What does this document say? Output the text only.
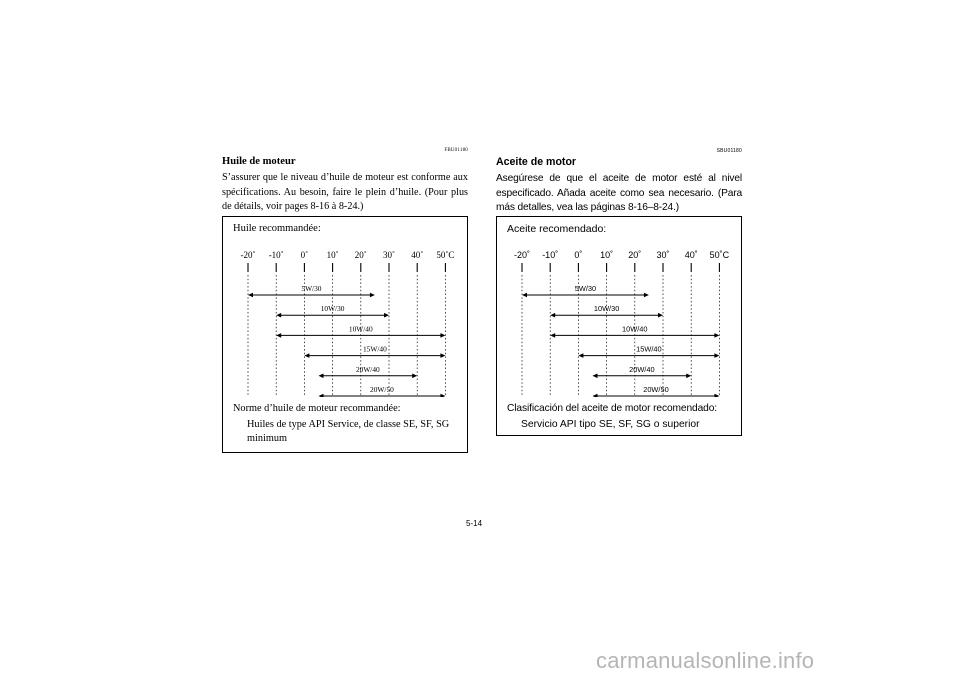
FBU01180
Huile de moteur

S’assurer que le niveau d’huile de moteur est conforme aux spécifications. Au besoin, faire le plein d’huile. (Pour plus de détails, voir pages 8-16 à 8-24.)

Huile recommandée:
-20˚ -10˚ 0˚ 10˚ 20˚ 30˚ 40˚ 50˚C
5W/30
10W/30
10W/40
15W/40
20W/40
20W/50
Norme d’huile de moteur recommandée:
Huiles de type API Service, de classe SE, SF, SG minimum
SBU01180
Aceite de motor

Asegúrese de que el aceite de motor esté al nivel especificado. Añada aceite como sea necesario. (Para más detalles, vea las páginas 8-16–8-24.)

Aceite recomendado:
-20˚ -10˚ 0˚ 10˚ 20˚ 30˚ 40˚ 50˚C
5W/30
10W/30
10W/40
15W/40
20W/40
20W/50
Clasificación del aceite de motor recomendado:
Servicio API tipo SE, SF, SG o superior
5-14
carmanualsonline.info
